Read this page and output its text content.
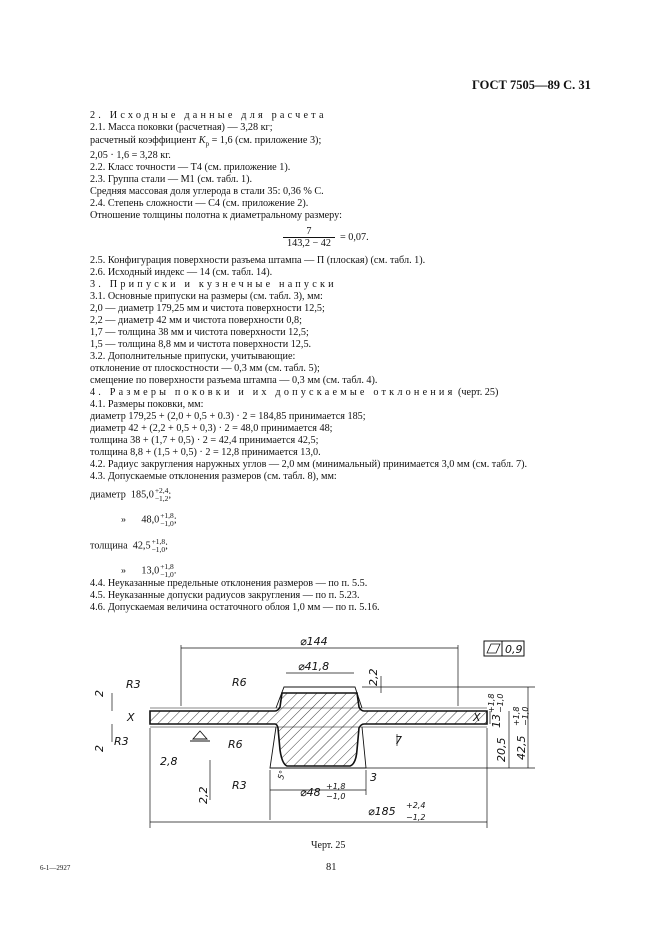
ГОСТ 7505—89 С. 31
2. Исходные данные для расчета
2.1. Масса поковки (расчетная) — 3,28 кг;
расчетный коэффициент $K_р = 1,6$ (см. приложение 3);
2,05 · 1,6 = 3,28 кг.
2.2. Класс точности — Т4 (см. приложение 1).
2.3. Группа стали — М1 (см. табл. 1).
Средняя массовая доля углерода в стали 35: 0,36 % С.
2.4. Степень сложности — С4 (см. приложение 2).
Отношение толщины полотна к диаметральному размеру:
$\frac{7}{143,2 - 42} = 0,07$.
2.5. Конфигурация поверхности разъема штампа — П (плоская) (см. табл. 1).
2.6. Исходный индекс — 14 (см. табл. 14).
3. Припуски и кузнечные напуски
3.1. Основные припуски на размеры (см. табл. 3), мм:
2,0 — диаметр 179,25 мм и чистота поверхности 12,5;
2,2 — диаметр 42 мм и чистота поверхности 0,8;
1,7 — толщина 38 мм и чистота поверхности 12,5;
1,5 — толщина 8,8 мм и чистота поверхности 12,5.
3.2. Дополнительные припуски, учитывающие:
отклонение от плоскостности — 0,3 мм (см. табл. 5);
смещение по поверхности разъема штампа — 0,3 мм (см. табл. 4).
4. Размеры поковки и их допускаемые отклонения (черт. 25)
4.1. Размеры поковки, мм:
диаметр 179,25 + (2,0 + 0,5 + 0.3) · 2 = 184,85 принимается 185;
диаметр 42 + (2,2 + 0,5 + 0,3) · 2 = 48,0 принимается 48;
толщина 38 + (1,7 + 0,5) · 2 = 42,4 принимается 42,5;
толщина 8,8 + (1,5 + 0,5) · 2 = 12,8 принимается 13,0.
4.2. Радиус закругления наружных углов — 2,0 мм (минимальный) принимается 3,0 мм (см. табл. 7).
4.3. Допускаемые отклонения размеров (см. табл. 8), мм:
диаметр 185,0 +2,4
−1,2 ;
» 48,0 +1,8
−1,0 ;
толщина 42,5 +1,8
−1,0 ;
» 13,0 +1,8
−1,0 .
4.4. Неуказанные предельные отклонения размеров — по п. 5.5.
4.5. Неуказанные допуски радиусов закругления — по п. 5.23.
4.6. Допускаемая величина остаточного облоя 1,0 мм — по п. 5.16.
0,9
⌀144
⌀41,8
R6
R3
R3	R6
R3
2,8
X	X
2
2
2,2
2,2
7
3
5°
⌀48 +1,8
−1,0
⌀185 +2,4
−1,2
13
+1,8 −1,0
20,5 42,5
+1,8 −1,0
Черт. 25
81
6-1—2927
